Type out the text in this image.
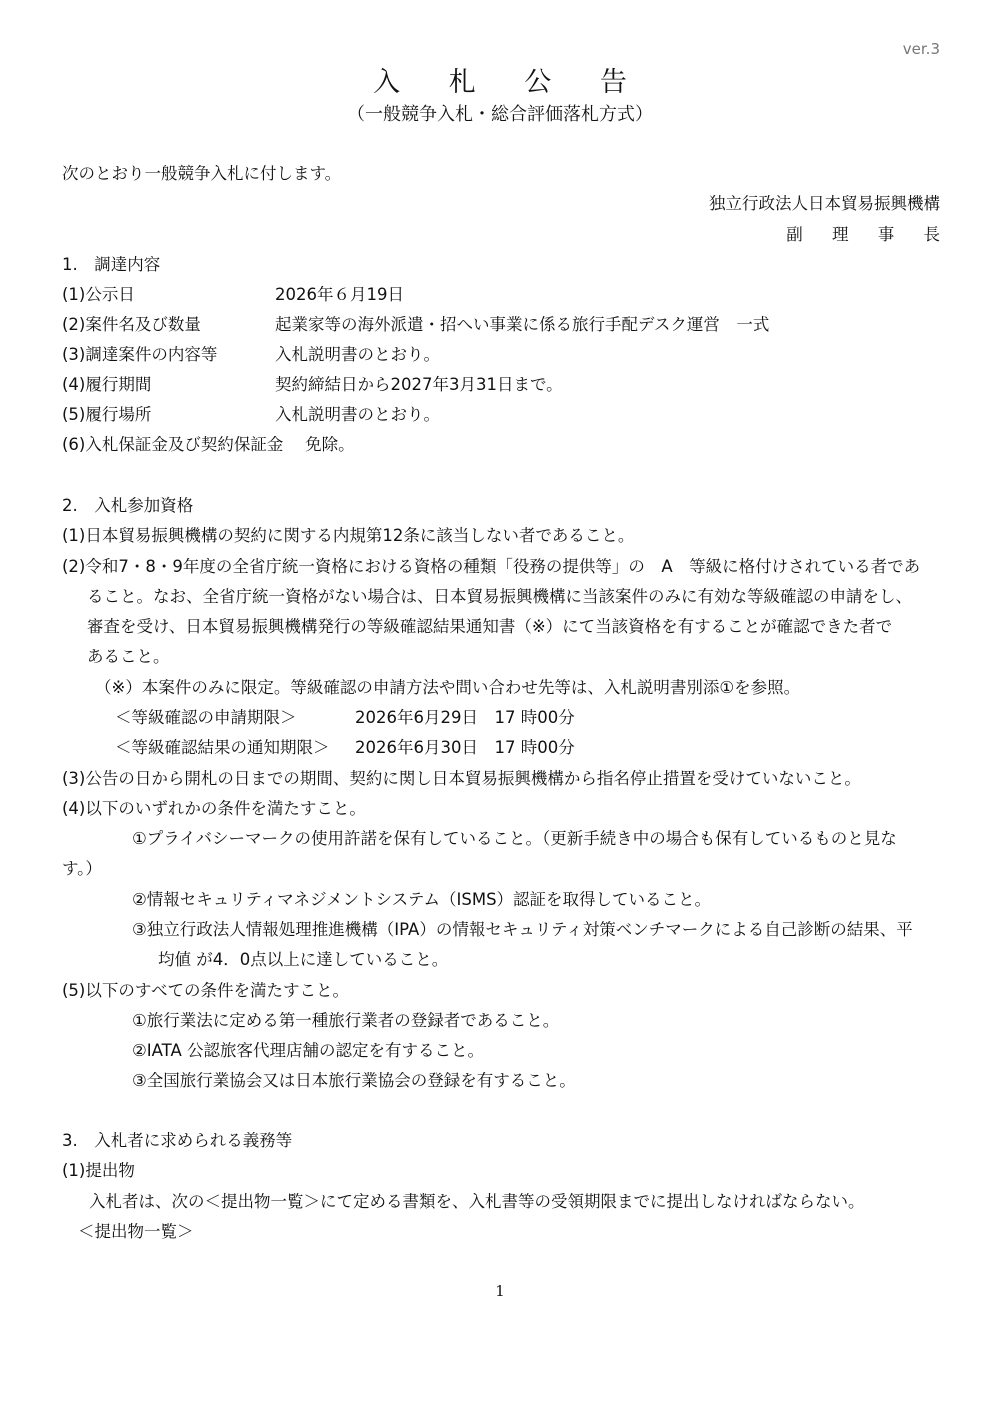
ver.3
入 札 公 告
（一般競争入札・総合評価落札方式）
次のとおり一般競争入札に付します。
独立行政法人日本貿易振興機構
副 理 事 長
1.　調達内容
(1)公示日	2026年６月19日
(2)案件名及び数量	起業家等の海外派遣・招へい事業に係る旅行手配デスク運営　一式
(3)調達案件の内容等	入札説明書のとおり。
(4)履行期間	契約締結日から2027年3月31日まで。
(5)履行場所	入札説明書のとおり。
(6)入札保証金及び契約保証金　 免除。
2.　入札参加資格
(1)日本貿易振興機構の契約に関する内規第12条に該当しない者であること。
(2)令和7・8・9年度の全省庁統一資格における資格の種類「役務の提供等」の　A　等級に格付けされている者であ
ること。なお、全省庁統一資格がない場合は、日本貿易振興機構に当該案件のみに有効な等級確認の申請をし、
審査を受け、日本貿易振興機構発行の等級確認結果通知書（※）にて当該資格を有することが確認できた者で
あること。
（※）本案件のみに限定。等級確認の申請方法や問い合わせ先等は、入札説明書別添①を参照。
＜等級確認の申請期限＞	2026年6月29日　17 時00分
＜等級確認結果の通知期限＞ 2026年6月30日　17 時00分
(3)公告の日から開札の日までの期間、契約に関し日本貿易振興機構から指名停止措置を受けていないこと。
(4)以下のいずれかの条件を満たすこと。
①プライバシーマークの使用許諾を保有していること。（更新手続き中の場合も保有しているものと見な
す。）
②情報セキュリティマネジメントシステム（ISMS）認証を取得していること。
③独立行政法人情報処理推進機構（IPA）の情報セキュリティ対策ベンチマークによる自己診断の結果、平
均値 が4．0点以上に達していること。
(5)以下のすべての条件を満たすこと。
①旅行業法に定める第一種旅行業者の登録者であること。
②IATA 公認旅客代理店舗の認定を有すること。
③全国旅行業協会又は日本旅行業協会の登録を有すること。
3.　入札者に求められる義務等
(1)提出物
入札者は、次の＜提出物一覧＞にて定める書類を、入札書等の受領期限までに提出しなければならない。
＜提出物一覧＞
1
